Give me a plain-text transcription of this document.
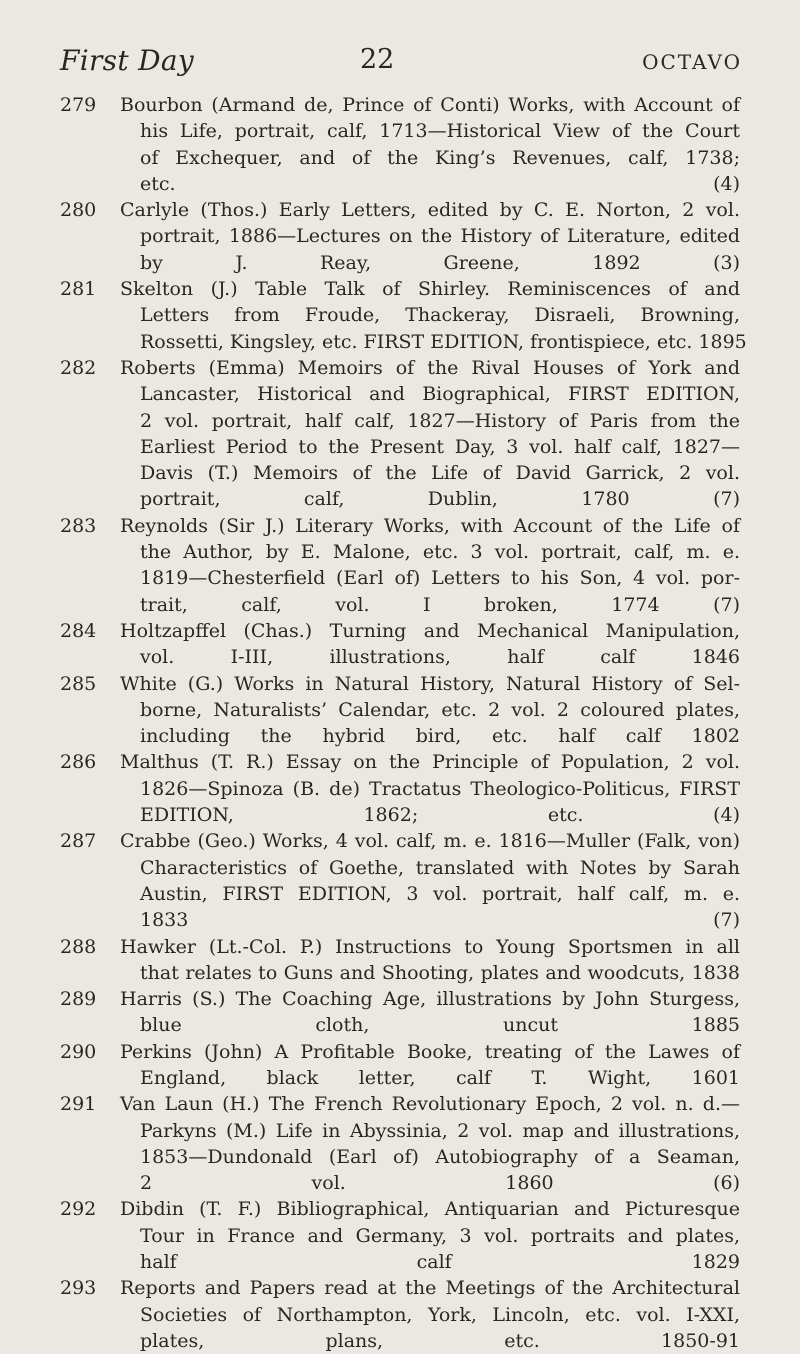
First Day	22	OCTAVO
279 Bourbon (Armand de, Prince of Conti) Works, with Account of
his Life, portrait, calf, 1713—Historical View of the Court
of Exchequer, and of the King’s Revenues, calf, 1738;
etc. (4)
280 Carlyle (Thos.) Early Letters, edited by C. E. Norton, 2 vol.
portrait, 1886—Lectures on the History of Literature, edited
by J. Reay, Greene, 1892 (3)
281 Skelton (J.) Table Talk of Shirley. Reminiscences of and
Letters from Froude, Thackeray, Disraeli, Browning,
Rossetti, Kingsley, etc. FIRST EDITION, frontispiece, etc. 1895
282 Roberts (Emma) Memoirs of the Rival Houses of York and
Lancaster, Historical and Biographical, FIRST EDITION,
2 vol. portrait, half calf, 1827—History of Paris from the
Earliest Period to the Present Day, 3 vol. half calf, 1827—
Davis (T.) Memoirs of the Life of David Garrick, 2 vol.
portrait, calf, Dublin, 1780 (7)
283 Reynolds (Sir J.) Literary Works, with Account of the Life of
the Author, by E. Malone, etc. 3 vol. portrait, calf, m. e.
1819—Chesterfield (Earl of) Letters to his Son, 4 vol. por-
trait, calf, vol. I broken, 1774 (7)
284 Holtzapffel (Chas.) Turning and Mechanical Manipulation,
vol. I-III, illustrations, half calf 1846
285 White (G.) Works in Natural History, Natural History of Sel-
borne, Naturalists’ Calendar, etc. 2 vol. 2 coloured plates,
including the hybrid bird, etc. half calf 1802
286 Malthus (T. R.) Essay on the Principle of Population, 2 vol.
1826—Spinoza (B. de) Tractatus Theologico-Politicus, FIRST
EDITION, 1862; etc. (4)
287 Crabbe (Geo.) Works, 4 vol. calf, m. e. 1816—Muller (Falk, von)
Characteristics of Goethe, translated with Notes by Sarah
Austin, FIRST EDITION, 3 vol. portrait, half calf, m. e.
1833 (7)
288 Hawker (Lt.-Col. P.) Instructions to Young Sportsmen in all
that relates to Guns and Shooting, plates and woodcuts, 1838
289 Harris (S.) The Coaching Age, illustrations by John Sturgess,
blue cloth, uncut 1885
290 Perkins (John) A Profitable Booke, treating of the Lawes of
England, black letter, calf T. Wight, 1601
291 Van Laun (H.) The French Revolutionary Epoch, 2 vol. n. d.—
Parkyns (M.) Life in Abyssinia, 2 vol. map and illustrations,
1853—Dundonald (Earl of) Autobiography of a Seaman,
2 vol. 1860 (6)
292 Dibdin (T. F.) Bibliographical, Antiquarian and Picturesque
Tour in France and Germany, 3 vol. portraits and plates,
half calf 1829
293 Reports and Papers read at the Meetings of the Architectural
Societies of Northampton, York, Lincoln, etc. vol. I-XXI,
plates, plans, etc. 1850-91
